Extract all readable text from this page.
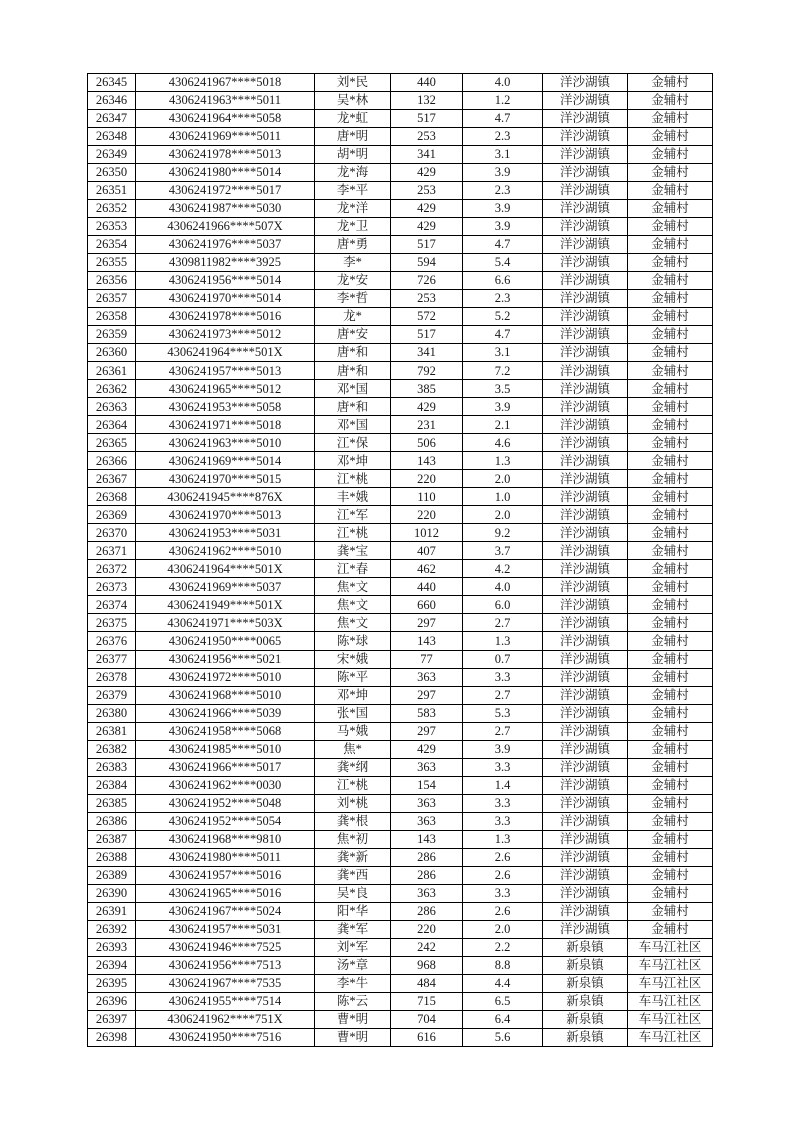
26345	4306241967****5018	刘*民	440	4.0	洋沙湖镇	金辅村
26346	4306241963****5011	吴*林	132	1.2	洋沙湖镇	金辅村
26347	4306241964****5058	龙*虹	517	4.7	洋沙湖镇	金辅村
26348	4306241969****5011	唐*明	253	2.3	洋沙湖镇	金辅村
26349	4306241978****5013	胡*明	341	3.1	洋沙湖镇	金辅村
26350	4306241980****5014	龙*海	429	3.9	洋沙湖镇	金辅村
26351	4306241972****5017	李*平	253	2.3	洋沙湖镇	金辅村
26352	4306241987****5030	龙*洋	429	3.9	洋沙湖镇	金辅村
26353	4306241966****507X	龙*卫	429	3.9	洋沙湖镇	金辅村
26354	4306241976****5037	唐*勇	517	4.7	洋沙湖镇	金辅村
26355	4309811982****3925	李*	594	5.4	洋沙湖镇	金辅村
26356	4306241956****5014	龙*安	726	6.6	洋沙湖镇	金辅村
26357	4306241970****5014	李*哲	253	2.3	洋沙湖镇	金辅村
26358	4306241978****5016	龙*	572	5.2	洋沙湖镇	金辅村
26359	4306241973****5012	唐*安	517	4.7	洋沙湖镇	金辅村
26360	4306241964****501X	唐*和	341	3.1	洋沙湖镇	金辅村
26361	4306241957****5013	唐*和	792	7.2	洋沙湖镇	金辅村
26362	4306241965****5012	邓*国	385	3.5	洋沙湖镇	金辅村
26363	4306241953****5058	唐*和	429	3.9	洋沙湖镇	金辅村
26364	4306241971****5018	邓*国	231	2.1	洋沙湖镇	金辅村
26365	4306241963****5010	江*保	506	4.6	洋沙湖镇	金辅村
26366	4306241969****5014	邓*坤	143	1.3	洋沙湖镇	金辅村
26367	4306241970****5015	江*桃	220	2.0	洋沙湖镇	金辅村
26368	4306241945****876X	丰*娥	110	1.0	洋沙湖镇	金辅村
26369	4306241970****5013	江*军	220	2.0	洋沙湖镇	金辅村
26370	4306241953****5031	江*桃	1012	9.2	洋沙湖镇	金辅村
26371	4306241962****5010	龚*宝	407	3.7	洋沙湖镇	金辅村
26372	4306241964****501X	江*春	462	4.2	洋沙湖镇	金辅村
26373	4306241969****5037	焦*文	440	4.0	洋沙湖镇	金辅村
26374	4306241949****501X	焦*文	660	6.0	洋沙湖镇	金辅村
26375	4306241971****503X	焦*文	297	2.7	洋沙湖镇	金辅村
26376	4306241950****0065	陈*球	143	1.3	洋沙湖镇	金辅村
26377	4306241956****5021	宋*娥	77	0.7	洋沙湖镇	金辅村
26378	4306241972****5010	陈*平	363	3.3	洋沙湖镇	金辅村
26379	4306241968****5010	邓*坤	297	2.7	洋沙湖镇	金辅村
26380	4306241966****5039	张*国	583	5.3	洋沙湖镇	金辅村
26381	4306241958****5068	马*娥	297	2.7	洋沙湖镇	金辅村
26382	4306241985****5010	焦*	429	3.9	洋沙湖镇	金辅村
26383	4306241966****5017	龚*纲	363	3.3	洋沙湖镇	金辅村
26384	4306241962****0030	江*桃	154	1.4	洋沙湖镇	金辅村
26385	4306241952****5048	刘*桃	363	3.3	洋沙湖镇	金辅村
26386	4306241952****5054	龚*根	363	3.3	洋沙湖镇	金辅村
26387	4306241968****9810	焦*初	143	1.3	洋沙湖镇	金辅村
26388	4306241980****5011	龚*新	286	2.6	洋沙湖镇	金辅村
26389	4306241957****5016	龚*西	286	2.6	洋沙湖镇	金辅村
26390	4306241965****5016	吴*良	363	3.3	洋沙湖镇	金辅村
26391	4306241967****5024	阳*华	286	2.6	洋沙湖镇	金辅村
26392	4306241957****5031	龚*军	220	2.0	洋沙湖镇	金辅村
26393	4306241946****7525	刘*军	242	2.2	新泉镇	车马江社区
26394	4306241956****7513	汤*章	968	8.8	新泉镇	车马江社区
26395	4306241967****7535	李*牛	484	4.4	新泉镇	车马江社区
26396	4306241955****7514	陈*云	715	6.5	新泉镇	车马江社区
26397	4306241962****751X	曹*明	704	6.4	新泉镇	车马江社区
26398	4306241950****7516	曹*明	616	5.6	新泉镇	车马江社区
